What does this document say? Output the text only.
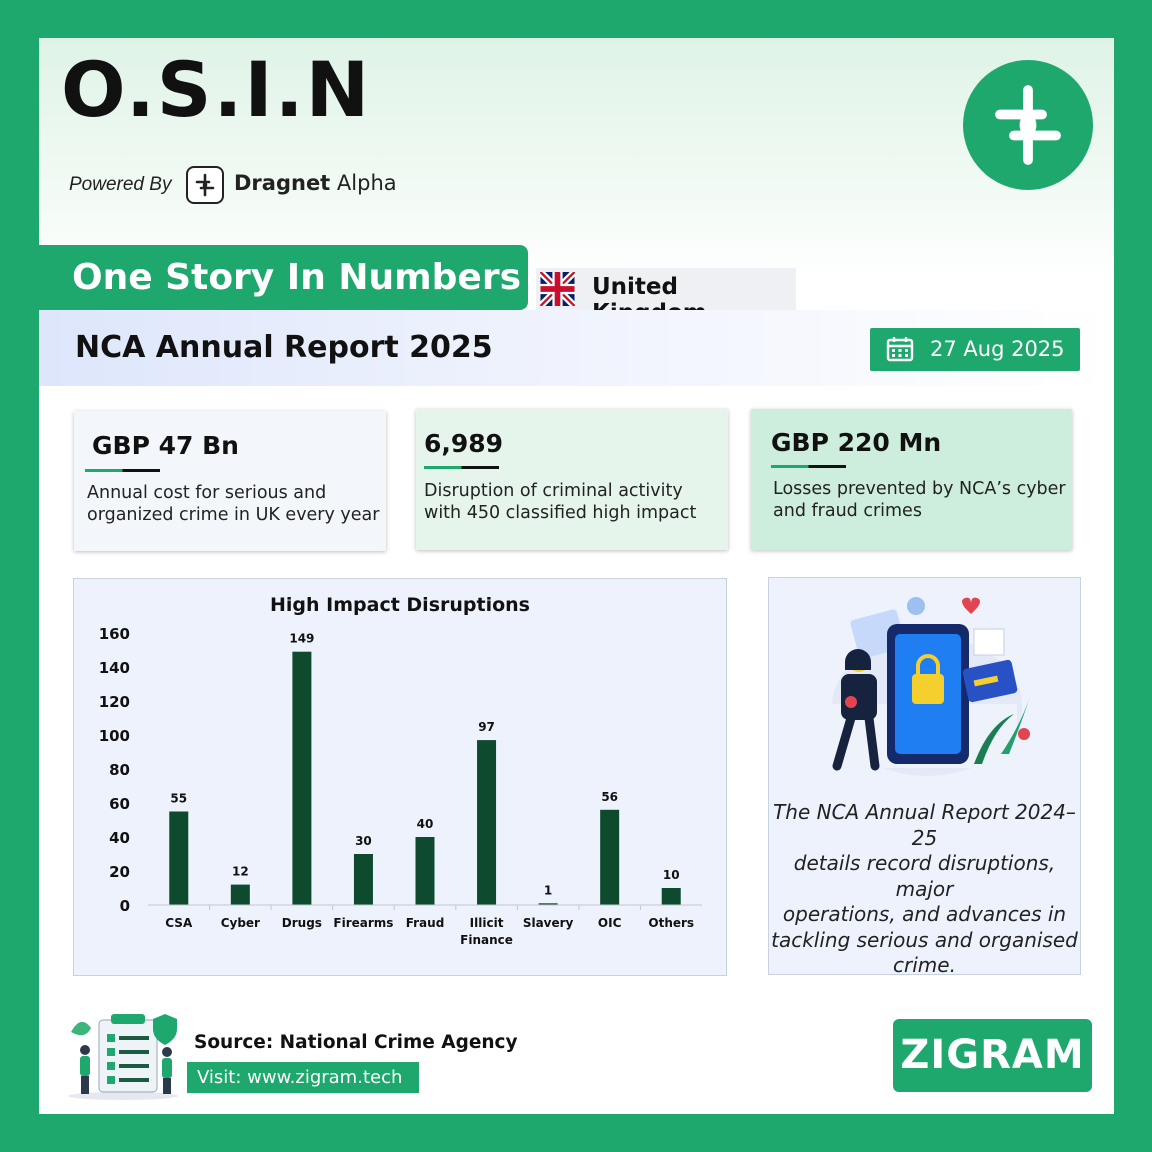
O.S.I.N
Powered By	Dragnet Alpha
One Story In Numbers	United
NCA Annual Report 2025	27 Aug 2025
GBP 47 Bn
Annual cost for serious and
organized crime in UK every year
6,989
Disruption of criminal activity
with 450 classified high impact
GBP 220 Mn
Losses prevented by NCA’s cyber
and fraud crimes
High Impact Disruptions
0
20
40
60
80
100
120
140
160
55
12
149
30
40
97
1
56
10
CSA Cyber Drugs Firearms Fraud Illicit
Finance
Slavery OIC Others
The NCA Annual Report 2024–25
details record disruptions, major
operations, and advances in
tackling serious and organised
crime.
Source: National Crime Agency
Visit: www.zigram.tech	ZIGRAM
